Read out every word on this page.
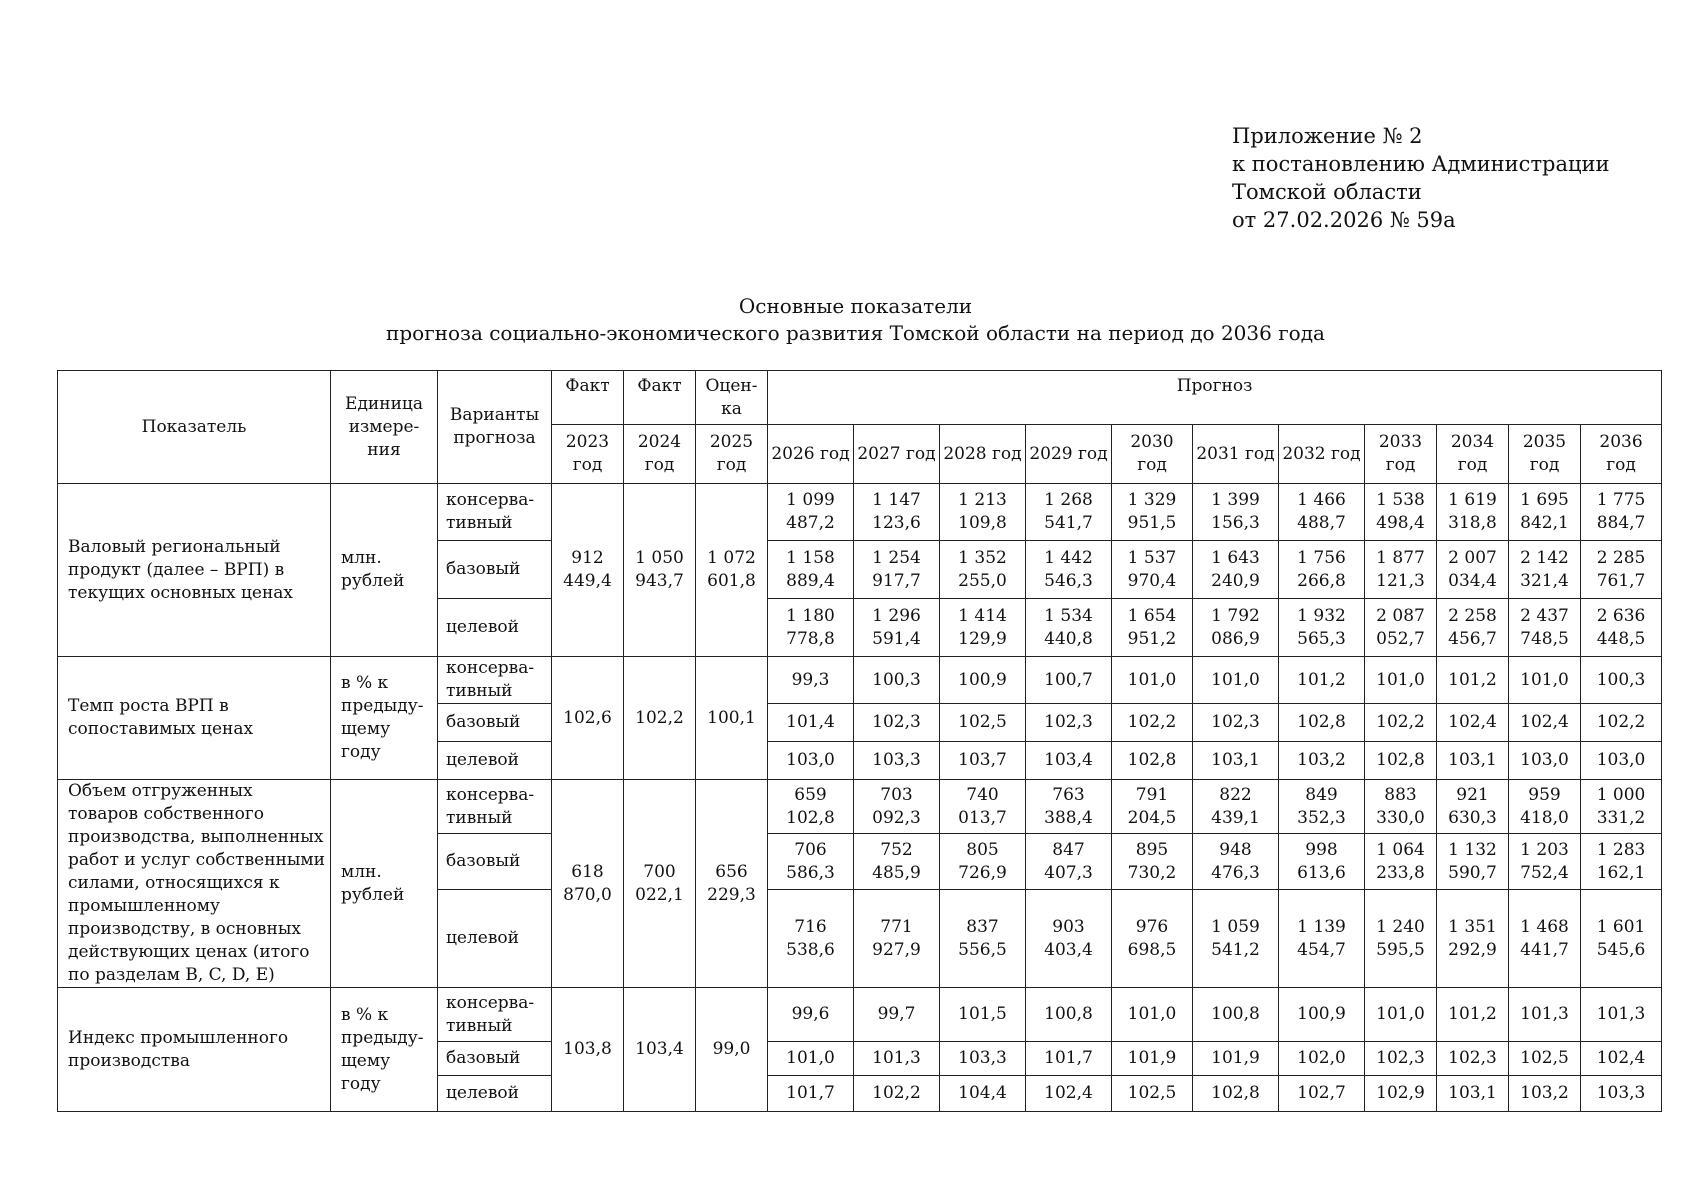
Приложение № 2
к постановлению Администрации
Томской области
от 27.02.2026 № 59а
Основные показатели
прогноза социально-экономического развития Томской области на период до 2036 года
Показатель	Единица измере-ния	Варианты прогноза	Факт	Факт	Оцен-ка	Прогноз										
			2023 год	2024 год	2025 год	2026 год	2027 год	2028 год	2029 год	2030 год	2031 год	2032 год	2033 год	2034 год	2035 год	2036 год
Валовый региональный продукт (далее – ВРП) в текущих основных ценах	млн. рублей	консерва-тивный	912 449,4	1 050 943,7	1 072 601,8	1 099 487,2	1 147 123,6	1 213 109,8	1 268 541,7	1 329 951,5	1 399 156,3	1 466 488,7	1 538 498,4	1 619 318,8	1 695 842,1	1 775 884,7
		базовый				1 158 889,4	1 254 917,7	1 352 255,0	1 442 546,3	1 537 970,4	1 643 240,9	1 756 266,8	1 877 121,3	2 007 034,4	2 142 321,4	2 285 761,7
		целевой				1 180 778,8	1 296 591,4	1 414 129,9	1 534 440,8	1 654 951,2	1 792 086,9	1 932 565,3	2 087 052,7	2 258 456,7	2 437 748,5	2 636 448,5
Темп роста ВРП в сопоставимых ценах	в % к предыду-щему году	консерва-тивный	102,6	102,2	100,1	99,3	100,3	100,9	100,7	101,0	101,0	101,2	101,0	101,2	101,0	100,3
		базовый				101,4	102,3	102,5	102,3	102,2	102,3	102,8	102,2	102,4	102,4	102,2
		целевой				103,0	103,3	103,7	103,4	102,8	103,1	103,2	102,8	103,1	103,0	103,0
Объем отгруженных товаров собственного производства, выполненных работ и услуг собственными силами, относящихся к промышленному производству, в основных действующих ценах (итого по разделам B, C, D, E)	млн. рублей	консерва-тивный	618 870,0	700 022,1	656 229,3	659 102,8	703 092,3	740 013,7	763 388,4	791 204,5	822 439,1	849 352,3	883 330,0	921 630,3	959 418,0	1 000 331,2
		базовый				706 586,3	752 485,9	805 726,9	847 407,3	895 730,2	948 476,3	998 613,6	1 064 233,8	1 132 590,7	1 203 752,4	1 283 162,1
		целевой				716 538,6	771 927,9	837 556,5	903 403,4	976 698,5	1 059 541,2	1 139 454,7	1 240 595,5	1 351 292,9	1 468 441,7	1 601 545,6
Индекс промышленного производства	в % к предыду-щему году	консерва-тивный	103,8	103,4	99,0	99,6	99,7	101,5	100,8	101,0	100,8	100,9	101,0	101,2	101,3	101,3
		базовый				101,0	101,3	103,3	101,7	101,9	101,9	102,0	102,3	102,3	102,5	102,4
		целевой				101,7	102,2	104,4	102,4	102,5	102,8	102,7	102,9	103,1	103,2	103,3
